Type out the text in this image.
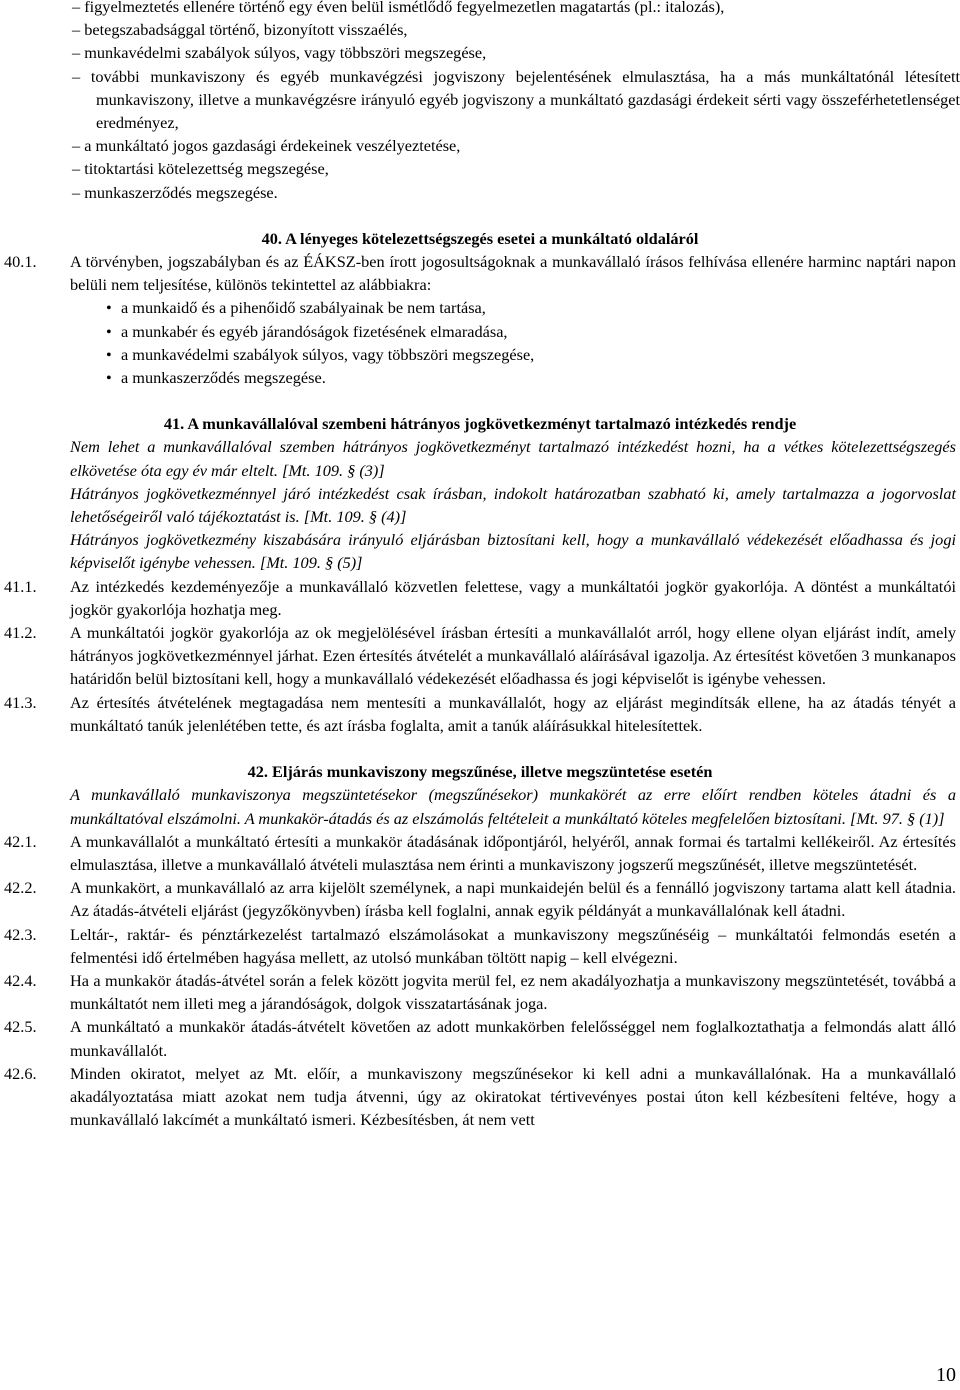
– figyelmeztetés ellenére történő egy éven belül ismétlődő fegyelmezetlen magatartás (pl.: italozás),

– betegszabadsággal történő, bizonyított visszaélés,

– munkavédelmi szabályok súlyos, vagy többszöri megszegése,

– további munkaviszony és egyéb munkavégzési jogviszony bejelentésének elmulasztása, ha a más munkáltatónál létesített munkaviszony, illetve a munkavégzésre irányuló egyéb jogviszony a munkáltató gazdasági érdekeit sérti vagy összeférhetetlenséget eredményez,

– a munkáltató jogos gazdasági érdekeinek veszélyeztetése,

– titoktartási kötelezettség megszegése,

– munkaszerződés megszegése.

40. A lényeges kötelezettségszegés esetei a munkáltató oldaláról

40.1.	A törvényben, jogszabályban és az ÉÁKSZ-ben írott jogosultságoknak a munkavállaló írásos felhívása ellenére harminc naptári napon belüli nem teljesítése, különös tekintettel az alábbiakra:
• a munkaidő és a pihenőidő szabályainak be nem tartása,
• a munkabér és egyéb járandóságok fizetésének elmaradása,
• a munkavédelmi szabályok súlyos, vagy többszöri megszegése,
• a munkaszerződés megszegése.

41. A munkavállalóval szembeni hátrányos jogkövetkezményt tartalmazó intézkedés rendje

Nem lehet a munkavállalóval szemben hátrányos jogkövetkezményt tartalmazó intézkedést hozni, ha a vétkes kötelezettségszegés elkövetése óta egy év már eltelt. [Mt. 109. § (3)]

Hátrányos jogkövetkezménnyel járó intézkedést csak írásban, indokolt határozatban szabható ki, amely tartalmazza a jogorvoslat lehetőségeiről való tájékoztatást is. [Mt. 109. § (4)]

Hátrányos jogkövetkezmény kiszabására irányuló eljárásban biztosítani kell, hogy a munkavállaló védekezését előadhassa és jogi képviselőt igénybe vehessen. [Mt. 109. § (5)]

41.1.	Az intézkedés kezdeményezője a munkavállaló közvetlen felettese, vagy a munkáltatói jogkör gyakorlója. A döntést a munkáltatói jogkör gyakorlója hozhatja meg.
41.2.	A munkáltatói jogkör gyakorlója az ok megjelölésével írásban értesíti a munkavállalót arról, hogy ellene olyan eljárást indít, amely hátrányos jogkövetkezménnyel járhat. Ezen értesítés átvételét a munkavállaló aláírásával igazolja. Az értesítést követően 3 munkanapos határidőn belül biztosítani kell, hogy a munkavállaló védekezését előadhassa és jogi képviselőt is igénybe vehessen.
41.3.	Az értesítés átvételének megtagadása nem mentesíti a munkavállalót, hogy az eljárást megindítsák ellene, ha az átadás tényét a munkáltató tanúk jelenlétében tette, és azt írásba foglalta, amit a tanúk aláírásukkal hitelesítettek.

42. Eljárás munkaviszony megszűnése, illetve megszüntetése esetén

A munkavállaló munkaviszonya megszüntetésekor (megszűnésekor) munkakörét az erre előírt rendben köteles átadni és a munkáltatóval elszámolni. A munkakör-átadás és az elszámolás feltételeit a munkáltató köteles megfelelően biztosítani. [Mt. 97. § (1)]

42.1.	A munkavállalót a munkáltató értesíti a munkakör átadásának időpontjáról, helyéről, annak formai és tartalmi kellékeiről. Az értesítés elmulasztása, illetve a munkavállaló átvételi mulasztása nem érinti a munkaviszony jogszerű megszűnését, illetve megszüntetését.
42.2.	A munkakört, a munkavállaló az arra kijelölt személynek, a napi munkaidején belül és a fennálló jogviszony tartama alatt kell átadnia. Az átadás-átvételi eljárást (jegyzőkönyvben) írásba kell foglalni, annak egyik példányát a munkavállalónak kell átadni.
42.3.	Leltár-, raktár- és pénztárkezelést tartalmazó elszámolásokat a munkaviszony megszűnéséig – munkáltatói felmondás esetén a felmentési idő értelmében hagyása mellett, az utolsó munkában töltött napig – kell elvégezni.
42.4.	Ha a munkakör átadás-átvétel során a felek között jogvita merül fel, ez nem akadályozhatja a munkaviszony megszüntetését, továbbá a munkáltatót nem illeti meg a járandóságok, dolgok visszatartásának joga.
42.5.	A munkáltató a munkakör átadás-átvételt követően az adott munkakörben felelősséggel nem foglalkoztathatja a felmondás alatt álló munkavállalót.
42.6.	Minden okiratot, melyet az Mt. előír, a munkaviszony megszűnésekor ki kell adni a munkavállalónak. Ha a munkavállaló akadályoztatása miatt azokat nem tudja átvenni, úgy az okiratokat tértivevényes postai úton kell kézbesíteni feltéve, hogy a munkavállaló lakcímét a munkáltató ismeri. Kézbesítésben, át nem vett
10
